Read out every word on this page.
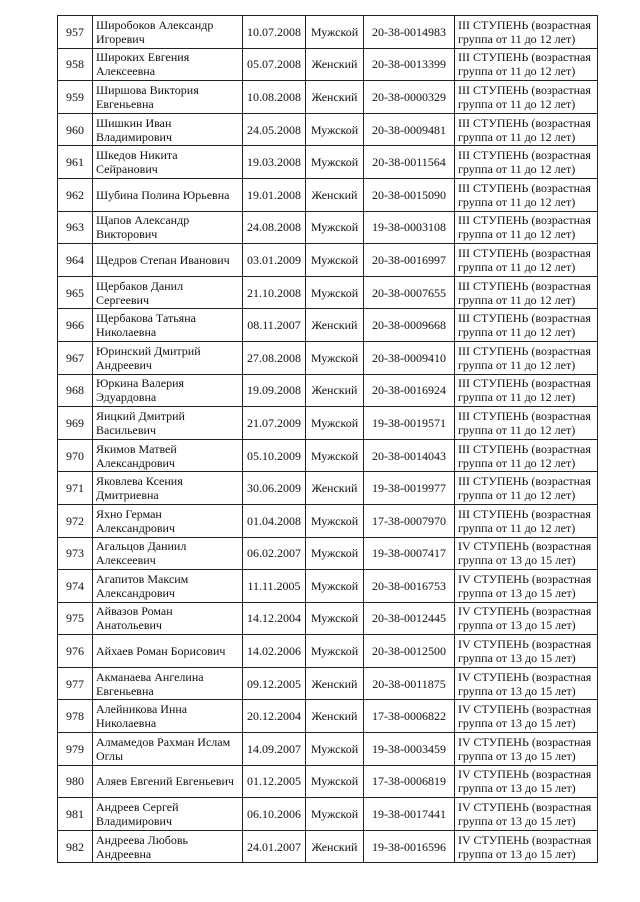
957	Широбоков Александр Игоревич	10.07.2008	Мужской	20-38-0014983	III СТУПЕНЬ (возрастная группа от 11 до 12 лет)

958	Широких Евгения Алексеевна	05.07.2008	Женский	20-38-0013399	III СТУПЕНЬ (возрастная группа от 11 до 12 лет)

959	Ширшова Виктория Евгеньевна	10.08.2008	Женский	20-38-0000329	III СТУПЕНЬ (возрастная группа от 11 до 12 лет)

960	Шишкин Иван Владимирович	24.05.2008	Мужской	20-38-0009481	III СТУПЕНЬ (возрастная группа от 11 до 12 лет)

961	Шкедов Никита Сейранович	19.03.2008	Мужской	20-38-0011564	III СТУПЕНЬ (возрастная группа от 11 до 12 лет)

962	Шубина Полина Юрьевна	19.01.2008	Женский	20-38-0015090	III СТУПЕНЬ (возрастная группа от 11 до 12 лет)

963	Щапов Александр Викторович	24.08.2008	Мужской	19-38-0003108	III СТУПЕНЬ (возрастная группа от 11 до 12 лет)

964	Щедров Степан Иванович	03.01.2009	Мужской	20-38-0016997	III СТУПЕНЬ (возрастная группа от 11 до 12 лет)

965	Щербаков Данил Сергеевич	21.10.2008	Мужской	20-38-0007655	III СТУПЕНЬ (возрастная группа от 11 до 12 лет)

966	Щербакова Татьяна Николаевна	08.11.2007	Женский	20-38-0009668	III СТУПЕНЬ (возрастная группа от 11 до 12 лет)

967	Юринский Дмитрий Андреевич	27.08.2008	Мужской	20-38-0009410	III СТУПЕНЬ (возрастная группа от 11 до 12 лет)

968	Юркина Валерия Эдуардовна	19.09.2008	Женский	20-38-0016924	III СТУПЕНЬ (возрастная группа от 11 до 12 лет)

969	Яицкий Дмитрий Васильевич	21.07.2009	Мужской	19-38-0019571	III СТУПЕНЬ (возрастная группа от 11 до 12 лет)

970	Якимов Матвей Александрович	05.10.2009	Мужской	20-38-0014043	III СТУПЕНЬ (возрастная группа от 11 до 12 лет)

971	Яковлева Ксения Дмитриевна	30.06.2009	Женский	19-38-0019977	III СТУПЕНЬ (возрастная группа от 11 до 12 лет)

972	Яхно Герман Александрович	01.04.2008	Мужской	17-38-0007970	III СТУПЕНЬ (возрастная группа от 11 до 12 лет)

973	Агальцов Даниил Алексеевич	06.02.2007	Мужской	19-38-0007417	IV СТУПЕНЬ (возрастная группа от 13 до 15 лет)

974	Агапитов Максим Александрович	11.11.2005	Мужской	20-38-0016753	IV СТУПЕНЬ (возрастная группа от 13 до 15 лет)

975	Айвазов Роман Анатольевич	14.12.2004	Мужской	20-38-0012445	IV СТУПЕНЬ (возрастная группа от 13 до 15 лет)

976	Айхаев Роман Борисович	14.02.2006	Мужской	20-38-0012500	IV СТУПЕНЬ (возрастная группа от 13 до 15 лет)

977	Акманаева Ангелина Евгеньевна	09.12.2005	Женский	20-38-0011875	IV СТУПЕНЬ (возрастная группа от 13 до 15 лет)

978	Алейникова Инна Николаевна	20.12.2004	Женский	17-38-0006822	IV СТУПЕНЬ (возрастная группа от 13 до 15 лет)

979	Алмамедов Рахман Ислам Оглы	14.09.2007	Мужской	19-38-0003459	IV СТУПЕНЬ (возрастная группа от 13 до 15 лет)

980	Аляев Евгений Евгеньевич	01.12.2005	Мужской	17-38-0006819	IV СТУПЕНЬ (возрастная группа от 13 до 15 лет)

981	Андреев Сергей Владимирович	06.10.2006	Мужской	19-38-0017441	IV СТУПЕНЬ (возрастная группа от 13 до 15 лет)

982	Андреева Любовь Андреевна	24.01.2007	Женский	19-38-0016596	IV СТУПЕНЬ (возрастная группа от 13 до 15 лет)
